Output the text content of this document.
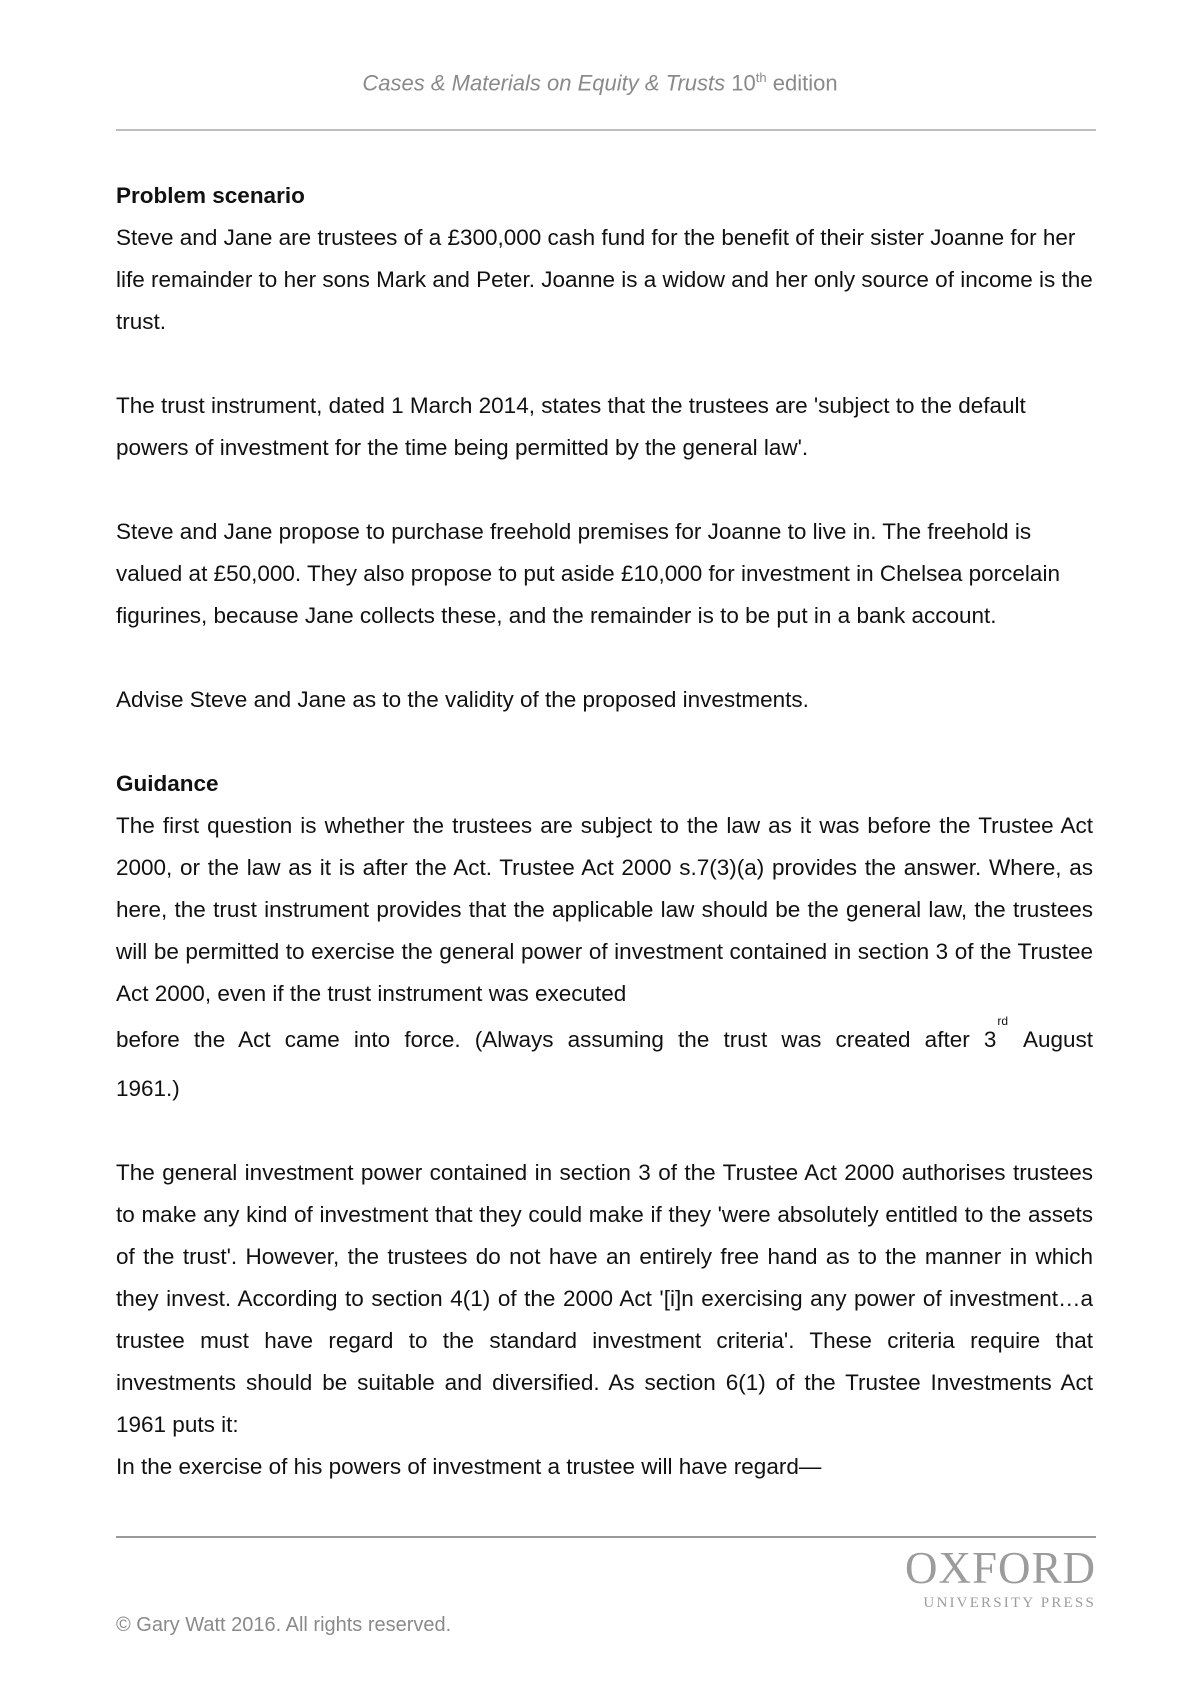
Cases & Materials on Equity & Trusts 10th edition

Problem scenario

Steve and Jane are trustees of a £300,000 cash fund for the benefit of their sister Joanne for her life remainder to her sons Mark and Peter. Joanne is a widow and her only source of income is the trust.

The trust instrument, dated 1 March 2014, states that the trustees are 'subject to the default powers of investment for the time being permitted by the general law'.

Steve and Jane propose to purchase freehold premises for Joanne to live in. The freehold is valued at £50,000. They also propose to put aside £10,000 for investment in Chelsea porcelain figurines, because Jane collects these, and the remainder is to be put in a bank account.

Advise Steve and Jane as to the validity of the proposed investments.

Guidance

The first question is whether the trustees are subject to the law as it was before the Trustee Act 2000, or the law as it is after the Act. Trustee Act 2000 s.7(3)(a) provides the answer. Where, as here, the trust instrument provides that the applicable law should be the general law, the trustees will be permitted to exercise the general power of investment contained in section 3 of the Trustee Act 2000, even if the trust instrument was executed

before the Act came into force. (Always assuming the trust was created after 3rd August

1961.)

The general investment power contained in section 3 of the Trustee Act 2000 authorises trustees to make any kind of investment that they could make if they 'were absolutely entitled to the assets of the trust'. However, the trustees do not have an entirely free hand as to the manner in which they invest. According to section 4(1) of the 2000 Act '[i]n exercising any power of investment…a trustee must have regard to the standard investment criteria'. These criteria require that investments should be suitable and diversified. As section 6(1) of the Trustee Investments Act 1961 puts it:

In the exercise of his powers of investment a trustee will have regard—

OXFORD
UNIVERSITY PRESS
© Gary Watt 2016. All rights reserved.
